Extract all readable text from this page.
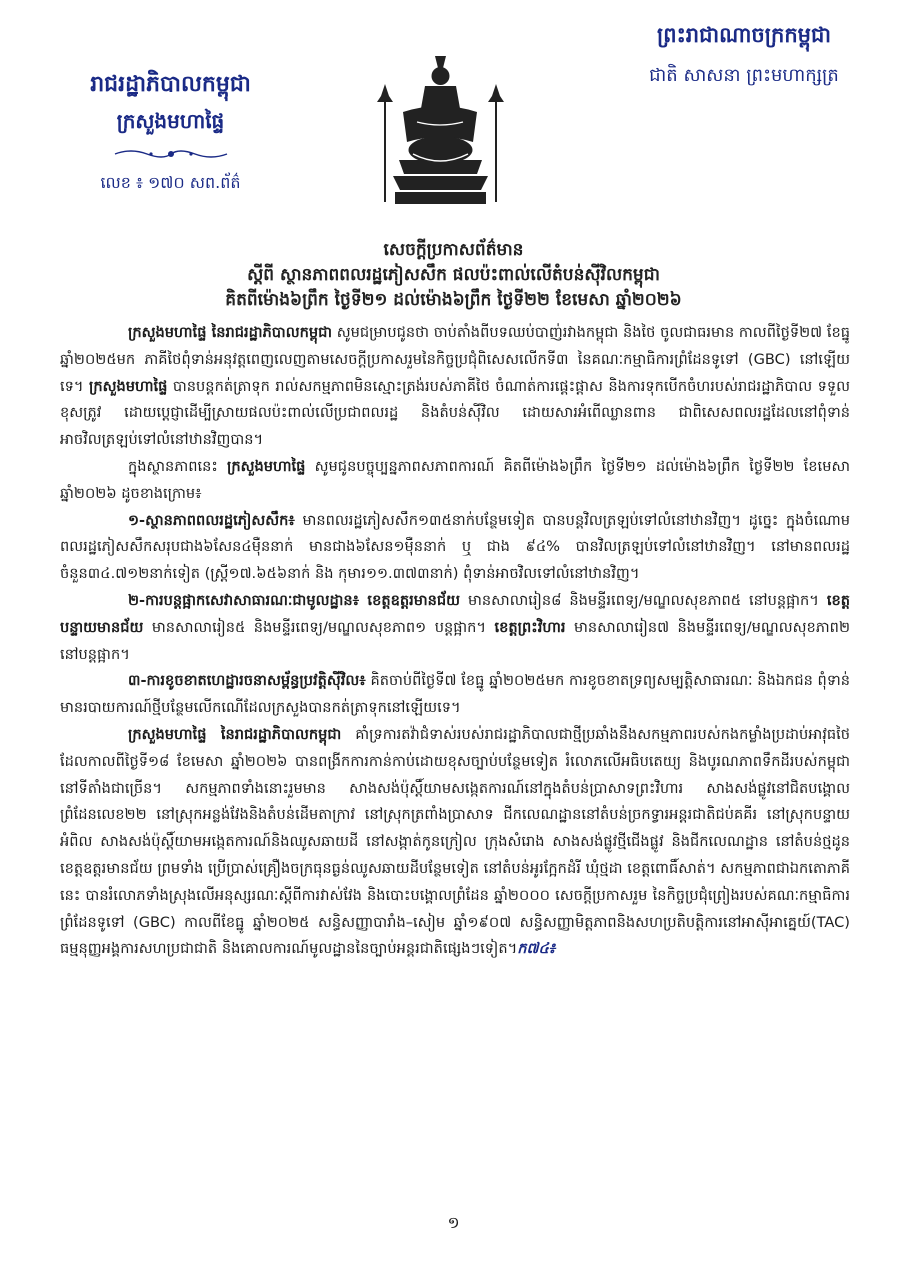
ព្រះរាជាណាចក្រកម្ពុជា
ជាតិ សាសនា ព្រះមហាក្សត្រ
រាជរដ្ឋាភិបាលកម្ពុជា
ក្រសួងមហាផ្ទៃ
លេខ ៖ ១៧០ សព.ព័ត៌
សេចក្តីប្រកាសព័ត៌មាន
ស្តីពី ស្ថានភាពពលរដ្ឋភៀសសឹក ផលប៉ះពាល់លើតំបន់ស៊ីវិលកម្ពុជា
គិតពីម៉ោង៦ព្រឹក ថ្ងៃទី២១ ដល់ម៉ោង៦ព្រឹក ថ្ងៃទី២២ ខែមេសា ឆ្នាំ២០២៦

ក្រសួងមហាផ្ទៃ នៃរាជរដ្ឋាភិបាលកម្ពុជា សូមជម្រាបជូនថា ចាប់តាំងពីបទឈប់បាញ់រវាងកម្ពុជា និងថៃ ចូលជាធរមាន កាលពីថ្ងៃទី២៧ ខែធ្នូ ឆ្នាំ២០២៥មក ភាគីថៃពុំទាន់អនុវត្តពេញលេញតាមសេចក្តីប្រកាសរួមនៃកិច្ចប្រជុំពិសេសលើកទី៣ នៃគណៈកម្មាធិការព្រំដែនទូទៅ (GBC) នៅឡើយទេ។ ក្រសួងមហាផ្ទៃ បានបន្តកត់ត្រាទុក រាល់សកម្មភាពមិនស្មោះត្រង់របស់ភាគីថៃ ចំណាត់ការផ្តេះផ្តាស និងការទុកបើកចំហរបស់រាជរដ្ឋាភិបាល ទទួលខុសត្រូវ ដោយប្តេជ្ញាដើម្បីស្រាយផលប៉ះពាល់លើប្រជាពលរដ្ឋ និងតំបន់ស៊ីវិល ដោយសារអំពើឈ្លានពាន ជាពិសេសពលរដ្ឋដែលនៅពុំទាន់អាចវិលត្រឡប់ទៅលំនៅឋានវិញបាន។

ក្នុងស្ថានភាពនេះ ក្រសួងមហាផ្ទៃ សូមជូនបច្ចុប្បន្នភាពសភាពការណ៍ គិតពីម៉ោង៦ព្រឹក ថ្ងៃទី២១ ដល់ម៉ោង៦ព្រឹក ថ្ងៃទី២២ ខែមេសា ឆ្នាំ២០២៦ ដូចខាងក្រោម៖

១-ស្ថានភាពពលរដ្ឋភៀសសឹក៖ មានពលរដ្ឋភៀសសឹក១៣៥នាក់បន្ថែមទៀត បានបន្តវិលត្រឡប់ទៅលំនៅឋានវិញ។ ដូច្នេះ ក្នុងចំណោមពលរដ្ឋភៀសសឹកសរុបជាង៦សែន៤ម៉ឺននាក់ មានជាង៦សែន១ម៉ឺននាក់ ឬ ជាង ៩៤% បានវិលត្រឡប់ទៅលំនៅឋានវិញ។ នៅមានពលរដ្ឋចំនួន៣៤.៧១២នាក់ទៀត (ស្ត្រី១៧.៦៥៦នាក់ និង កុមារ១១.៣៧៣នាក់) ពុំទាន់អាចវិលទៅលំនៅឋានវិញ។

២-ការបន្តផ្អាកសេវាសាធារណៈជាមូលដ្ឋាន៖ ខេត្តឧត្តរមានជ័យ មានសាលារៀន៨ និងមន្ទីរពេទ្យ/មណ្ឌលសុខភាព៥ នៅបន្តផ្អាក។ ខេត្តបន្ទាយមានជ័យ មានសាលារៀន៥ និងមន្ទីរពេទ្យ/មណ្ឌលសុខភាព១ បន្តផ្អាក។ ខេត្តព្រះវិហារ មានសាលារៀន៧ និងមន្ទីរពេទ្យ/មណ្ឌលសុខភាព២ នៅបន្តផ្អាក។

៣-ការខូចខាតហេដ្ឋារចនាសម្ព័ន្ធប្រវត្តិស៊ីវិល៖ គិតចាប់ពីថ្ងៃទី៧ ខែធ្នូ ឆ្នាំ២០២៥មក ការខូចខាតទ្រព្យសម្បត្តិសាធារណៈ និងឯកជន ពុំទាន់មានរបាយការណ៍ថ្មីបន្ថែមលើកណើដែលក្រសួងបានកត់ត្រាទុកនៅឡើយទេ។

ក្រសួងមហាផ្ទៃ នៃរាជរដ្ឋាភិបាលកម្ពុជា គាំទ្រការតវ៉ាជំទាស់របស់រាជរដ្ឋាភិបាលជាថ្មីប្រឆាំងនឹងសកម្មភាពរបស់កងកម្លាំងប្រដាប់អាវុធថៃ ដែលកាលពីថ្ងៃទី១៨ ខែមេសា ឆ្នាំ២០២៦ បានពង្រីកការកាន់កាប់ដោយខុសច្បាប់បន្ថែមទៀត រំលោភលើអធិបតេយ្យ និងបូរណភាពទឹកដីរបស់កម្ពុជា នៅទីតាំងជាច្រើន។ សកម្មភាពទាំងនោះរួមមាន សាងសង់ប៉ុស្តិ៍យាមសង្កេតការណ៍នៅក្នុងតំបន់ប្រាសាទព្រះវិហារ សាងសង់ផ្លូវនៅជិតបង្គោលព្រំដែនលេខ២២ នៅស្រុកអន្លង់វែងនិងតំបន់ដើមតាក្រាវ នៅស្រុកត្រពាំងប្រាសាទ ជីកលេណដ្ឋាននៅតំបន់ច្រកទ្វារអន្តរជាតិជប់គគីរ នៅស្រុកបន្ទាយអំពិល សាងសង់ប៉ុស្តិ៍យាមអង្កេតការណ៍និងឈូសឆាយដី នៅសង្កាត់កូនក្រៀល ក្រុងសំរោង សាងសង់ផ្លូវថ្មីជើងផ្លូវ និងជីកលេណដ្ឋាន នៅតំបន់ថ្មដូន ខេត្តឧត្តរមានជ័យ ព្រមទាំង ប្រើប្រាស់គ្រឿងចក្រធុនធ្ងន់ឈូសឆាយដីបន្ថែមទៀត នៅតំបន់អូរក្អែកដំរី ឃុំថ្មដា ខេត្តពោធិ៍សាត់។ សកម្មភាពជាឯកតោភាគីនេះ បានរំលោភទាំងស្រុងលើអនុស្សរណៈស្តីពីការវាស់វែង និងបោះបង្គោលព្រំដែន ឆ្នាំ២០០០ សេចក្តីប្រកាសរួម នៃកិច្ចប្រជុំព្រៀងរបស់គណៈកម្មាធិការព្រំដែនទូទៅ (GBC) កាលពីខែធ្នូ ឆ្នាំ២០២៥ សន្ធិសញ្ញាបារាំង–សៀម ឆ្នាំ១៩០៧ សន្ធិសញ្ញាមិត្តភាពនិងសហប្រតិបត្តិការនៅអាស៊ីអាគ្នេយ៍(TAC) ធម្មនុញ្ញអង្គការសហប្រជាជាតិ និងគោលការណ៍មូលដ្ឋាននៃច្បាប់អន្តរជាតិផ្សេងៗទៀត។ក៧៤៖

១
